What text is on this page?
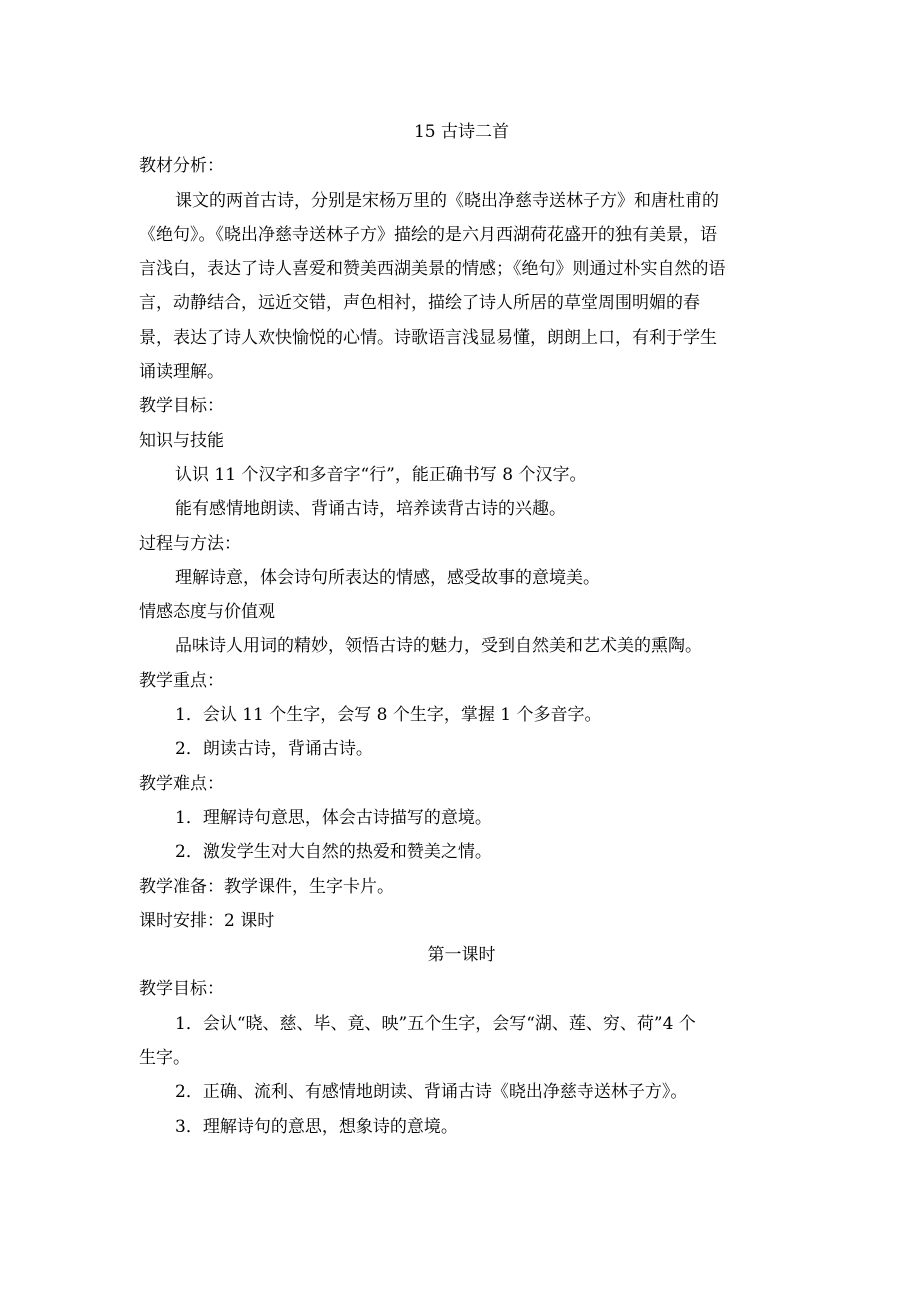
15 古诗二首
教材分析：
课文的两首古诗，分别是宋杨万里的《晓出净慈寺送林子方》和唐杜甫的
《绝句》。《晓出净慈寺送林子方》描绘的是六月西湖荷花盛开的独有美景，语
言浅白，表达了诗人喜爱和赞美西湖美景的情感；《绝句》则通过朴实自然的语
言，动静结合，远近交错，声色相衬，描绘了诗人所居的草堂周围明媚的春
景，表达了诗人欢快愉悦的心情。诗歌语言浅显易懂，朗朗上口，有利于学生
诵读理解。
教学目标：
知识与技能
认识 11 个汉字和多音字“行”，能正确书写 8 个汉字。
能有感情地朗读、背诵古诗，培养读背古诗的兴趣。
过程与方法：
理解诗意，体会诗句所表达的情感，感受故事的意境美。
情感态度与价值观
品味诗人用词的精妙，领悟古诗的魅力，受到自然美和艺术美的熏陶。
教学重点：
1．会认 11 个生字，会写 8 个生字，掌握 1 个多音字。
2．朗读古诗，背诵古诗。
教学难点：
1．理解诗句意思，体会古诗描写的意境。
2．激发学生对大自然的热爱和赞美之情。
教学准备：教学课件，生字卡片。
课时安排：2 课时
第一课时
教学目标：
1．会认“晓、慈、毕、竟、映”五个生字，会写“湖、莲、穷、荷”4 个
生字。
2．正确、流利、有感情地朗读、背诵古诗《晓出净慈寺送林子方》。
3．理解诗句的意思，想象诗的意境。
